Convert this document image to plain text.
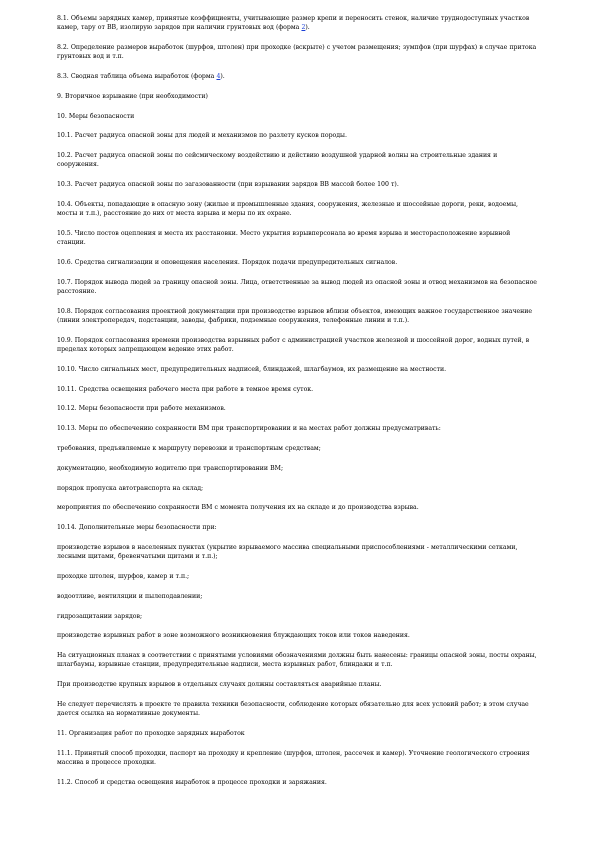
8.1. Объемы зарядных камер, принятые коэффициенты, учитывающие размер крепи и переносить стенок, наличие труднодоступных участков камер, тару от ВВ, изолирую зарядов при наличии грунтовых вод (форма 2).

8.2. Определение размеров выработок (шурфов, штолен) при проходке (вскрыте) с учетом размещения; зумпфов (при шурфах) в случае притока грунтовых вод и т.п.

8.3. Сводная таблица объема выработок (форма 4).

9. Вторичное взрывание (при необходимости)

10. Меры безопасности

10.1. Расчет радиуса опасной зоны для людей и механизмов по разлету кусков породы.

10.2. Расчет радиуса опасной зоны по сейсмическому воздействию и действию воздушной ударной волны на строительные здания и сооружения.

10.3. Расчет радиуса опасной зоны по загазованности (при взрывании зарядов ВВ массой более 100 т).

10.4. Объекты, попадающие в опасную зону (жилые и промышленные здания, сооружения, железные и шоссейные дороги, реки, водоемы, мосты и т.п.), расстояние до них от места взрыва и меры по их охране.

10.5. Число постов оцепления и места их расстановки. Место укрытия взрывперсонала во время взрыва и местоpасположение взрывной станции.

10.6. Средства сигнализации и оповещения населения. Порядок подачи предупредительных сигналов.

10.7. Порядок вывода людей за границу опасной зоны. Лица, ответственные за вывод людей из опасной зоны и отвод механизмов на безопасное расстояние.

10.8. Порядок согласования проектной документации при производстве взрывов вблизи объектов, имеющих важное государственное значение (линии электропередач, подстанции, заводы, фабрики, подземные сооружения, телефонные линии и т.п.).

10.9. Порядок согласования времени производства взрывных работ с администрацией участков железной и шоссейной дорог, водных путей, в пределах которых запрещающем ведение этих работ.

10.10. Число сигнальных мест, предупредительных надписей, блиндажей, шлагбаумов, их размещение на местности.

10.11. Средства освещения рабочего места при работе в темное время суток.

10.12. Меры безопасности при работе механизмов.

10.13. Меры по обеспечению сохранности ВМ при транспортировании и на местах работ должны предусматривать:

требования, предъявляемые к маршруту перевозки и транспортным средствам;

документацию, необходимую водителю при транспортировании ВМ;

порядок пропуска автотранспорта на склад;

мероприятия по обеспечению сохранности ВМ с момента получения их на складе и до производства взрыва.

10.14. Дополнительные меры безопасности при:

производстве взрывов в населенных пунктах (укрытие взрываемого массива специальными приспособлениями - металлическими сетками, лесными щитами, бревенчатыми щитами и т.п.);

проходке штолен, шурфов, камер и т.п.;

водоотливе, вентиляции и пылеподавлении;

гидрозащитании зарядов;

производстве взрывных работ в зоне возможного возникновения блуждающих токов или токов наведения.

На ситуационных планах в соответствии с принятыми условиями обозначениями должны быть нанесены: границы опасной зоны, посты охраны, шлагбаумы, взрывные станции, предупредительные надписи, места взрывных работ, блиндажи и т.п.

При производстве крупных взрывов в отдельных случаях должны составляться аварийные планы.

Не следует перечислять в проекте те правила техники безопасности, соблюдение которых обязательно для всех условий работ; в этом случае дается ссылка на нормативные документы.

11. Организация работ по проходке зарядных выработок

11.1. Принятый способ проходки, паспорт на проходку и крепление (шурфов, штолен, рассечек и камер). Уточнение геологического строения массива в процессе проходки.

11.2. Способ и средства освещения выработок в процессе проходки и заряжания.
